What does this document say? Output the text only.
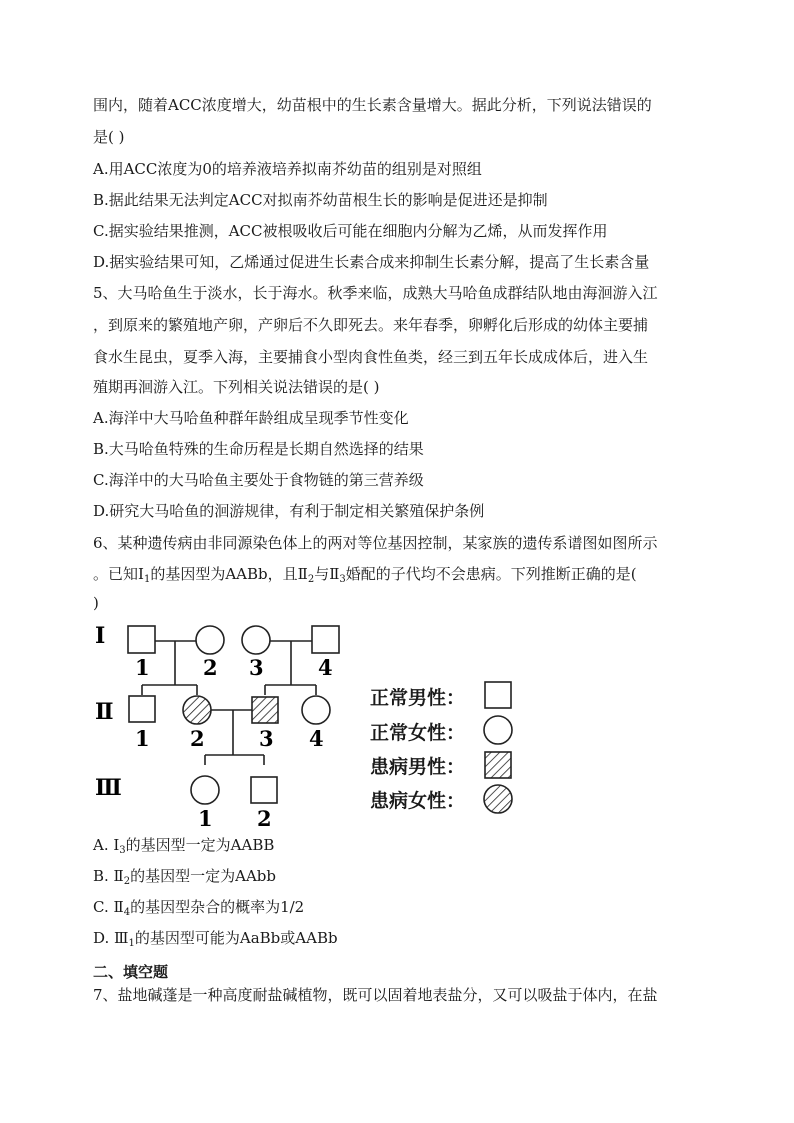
围内，随着ACC浓度增大，幼苗根中的生长素含量增大。据此分析，下列说法错误的
是( )
A.用ACC浓度为0的培养液培养拟南芥幼苗的组别是对照组
B.据此结果无法判定ACC对拟南芥幼苗根生长的影响是促进还是抑制
C.据实验结果推测，ACC被根吸收后可能在细胞内分解为乙烯，从而发挥作用
D.据实验结果可知，乙烯通过促进生长素合成来抑制生长素分解，提高了生长素含量
5、大马哈鱼生于淡水，长于海水。秋季来临，成熟大马哈鱼成群结队地由海洄游入江
，到原来的繁殖地产卵，产卵后不久即死去。来年春季，卵孵化后形成的幼体主要捕
食水生昆虫，夏季入海，主要捕食小型肉食性鱼类，经三到五年长成成体后，进入生
殖期再洄游入江。下列相关说法错误的是( )
A.海洋中大马哈鱼种群年龄组成呈现季节性变化
B.大马哈鱼特殊的生命历程是长期自然选择的结果
C.海洋中的大马哈鱼主要处于食物链的第三营养级
D.研究大马哈鱼的洄游规律，有利于制定相关繁殖保护条例
6、某种遗传病由非同源染色体上的两对等位基因控制，某家族的遗传系谱图如图所示
。已知$Ⅰ_1$的基因型为AABb，且$Ⅱ_2$与$Ⅱ_3$婚配的子代均不会患病。下列推断正确的是(
)
Ⅰ
Ⅱ
Ⅲ
1	2 3	4
1 2	3 4
1 2
正常男性：
正常女性：
患病男性：
患病女性：
A. $Ⅰ_3$的基因型一定为AABB
B. $Ⅱ_2$的基因型一定为AAbb
C. $Ⅱ_4$的基因型杂合的概率为1/2
D. $Ⅲ_1$的基因型可能为AaBb或AABb
二、填空题
7、盐地碱蓬是一种高度耐盐碱植物，既可以固着地表盐分，又可以吸盐于体内，在盐
